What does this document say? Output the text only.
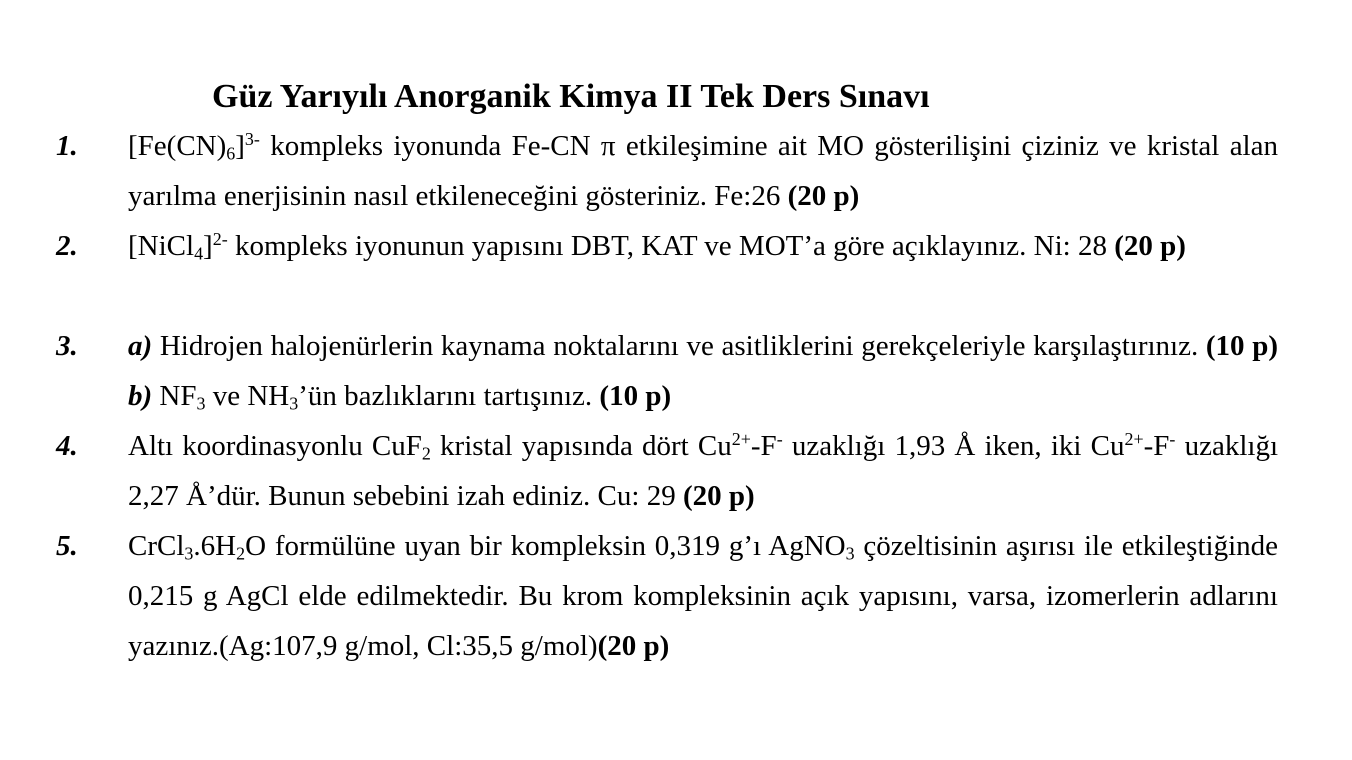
Güz Yarıyılı Anorganik Kimya II Tek Ders Sınavı
1. $[Fe(CN)_6]^{3-}$ kompleks iyonunda Fe-CN π etkileşimine ait MO gösterilişini çiziniz ve kristal alan yarılma enerjisinin nasıl etkileneceğini gösteriniz. Fe:26 (20 p)
2. [NiCl$_4$]$^{2-}$ kompleks iyonunun yapısını DBT, KAT ve MOT’a göre açıklayınız. Ni: 28 (20 p)
3. a) Hidrojen halojenürlerin kaynama noktalarını ve asitliklerini gerekçeleriyle karşılaştırınız. (10 p) b) $NF_3$ ve $NH_3’ün$ bazlıklarını tartışınız. (10 p)
4. Altı koordinasyonlu CuF$_2$ kristal yapısında dört $Cu^{2+}-F^-$ uzaklığı 1,93 Å iken, iki $Cu^{2+}-F^-$ uzaklığı 2,27 Å’dür. Bunun sebebini izah ediniz. Cu: 29 (20 p)
5. $CrCl_3.6H_2O$ formülüne uyan bir kompleksin 0,319 g’ı AgNO$_3$ çözeltisinin aşırısı ile etkileştiğinde 0,215 g AgCl elde edilmektedir. Bu krom kompleksinin açık yapısını, varsa, izomerlerin adlarını yazınız.(Ag:107,9 g/mol, Cl:35,5 g/mol)(20 p)
